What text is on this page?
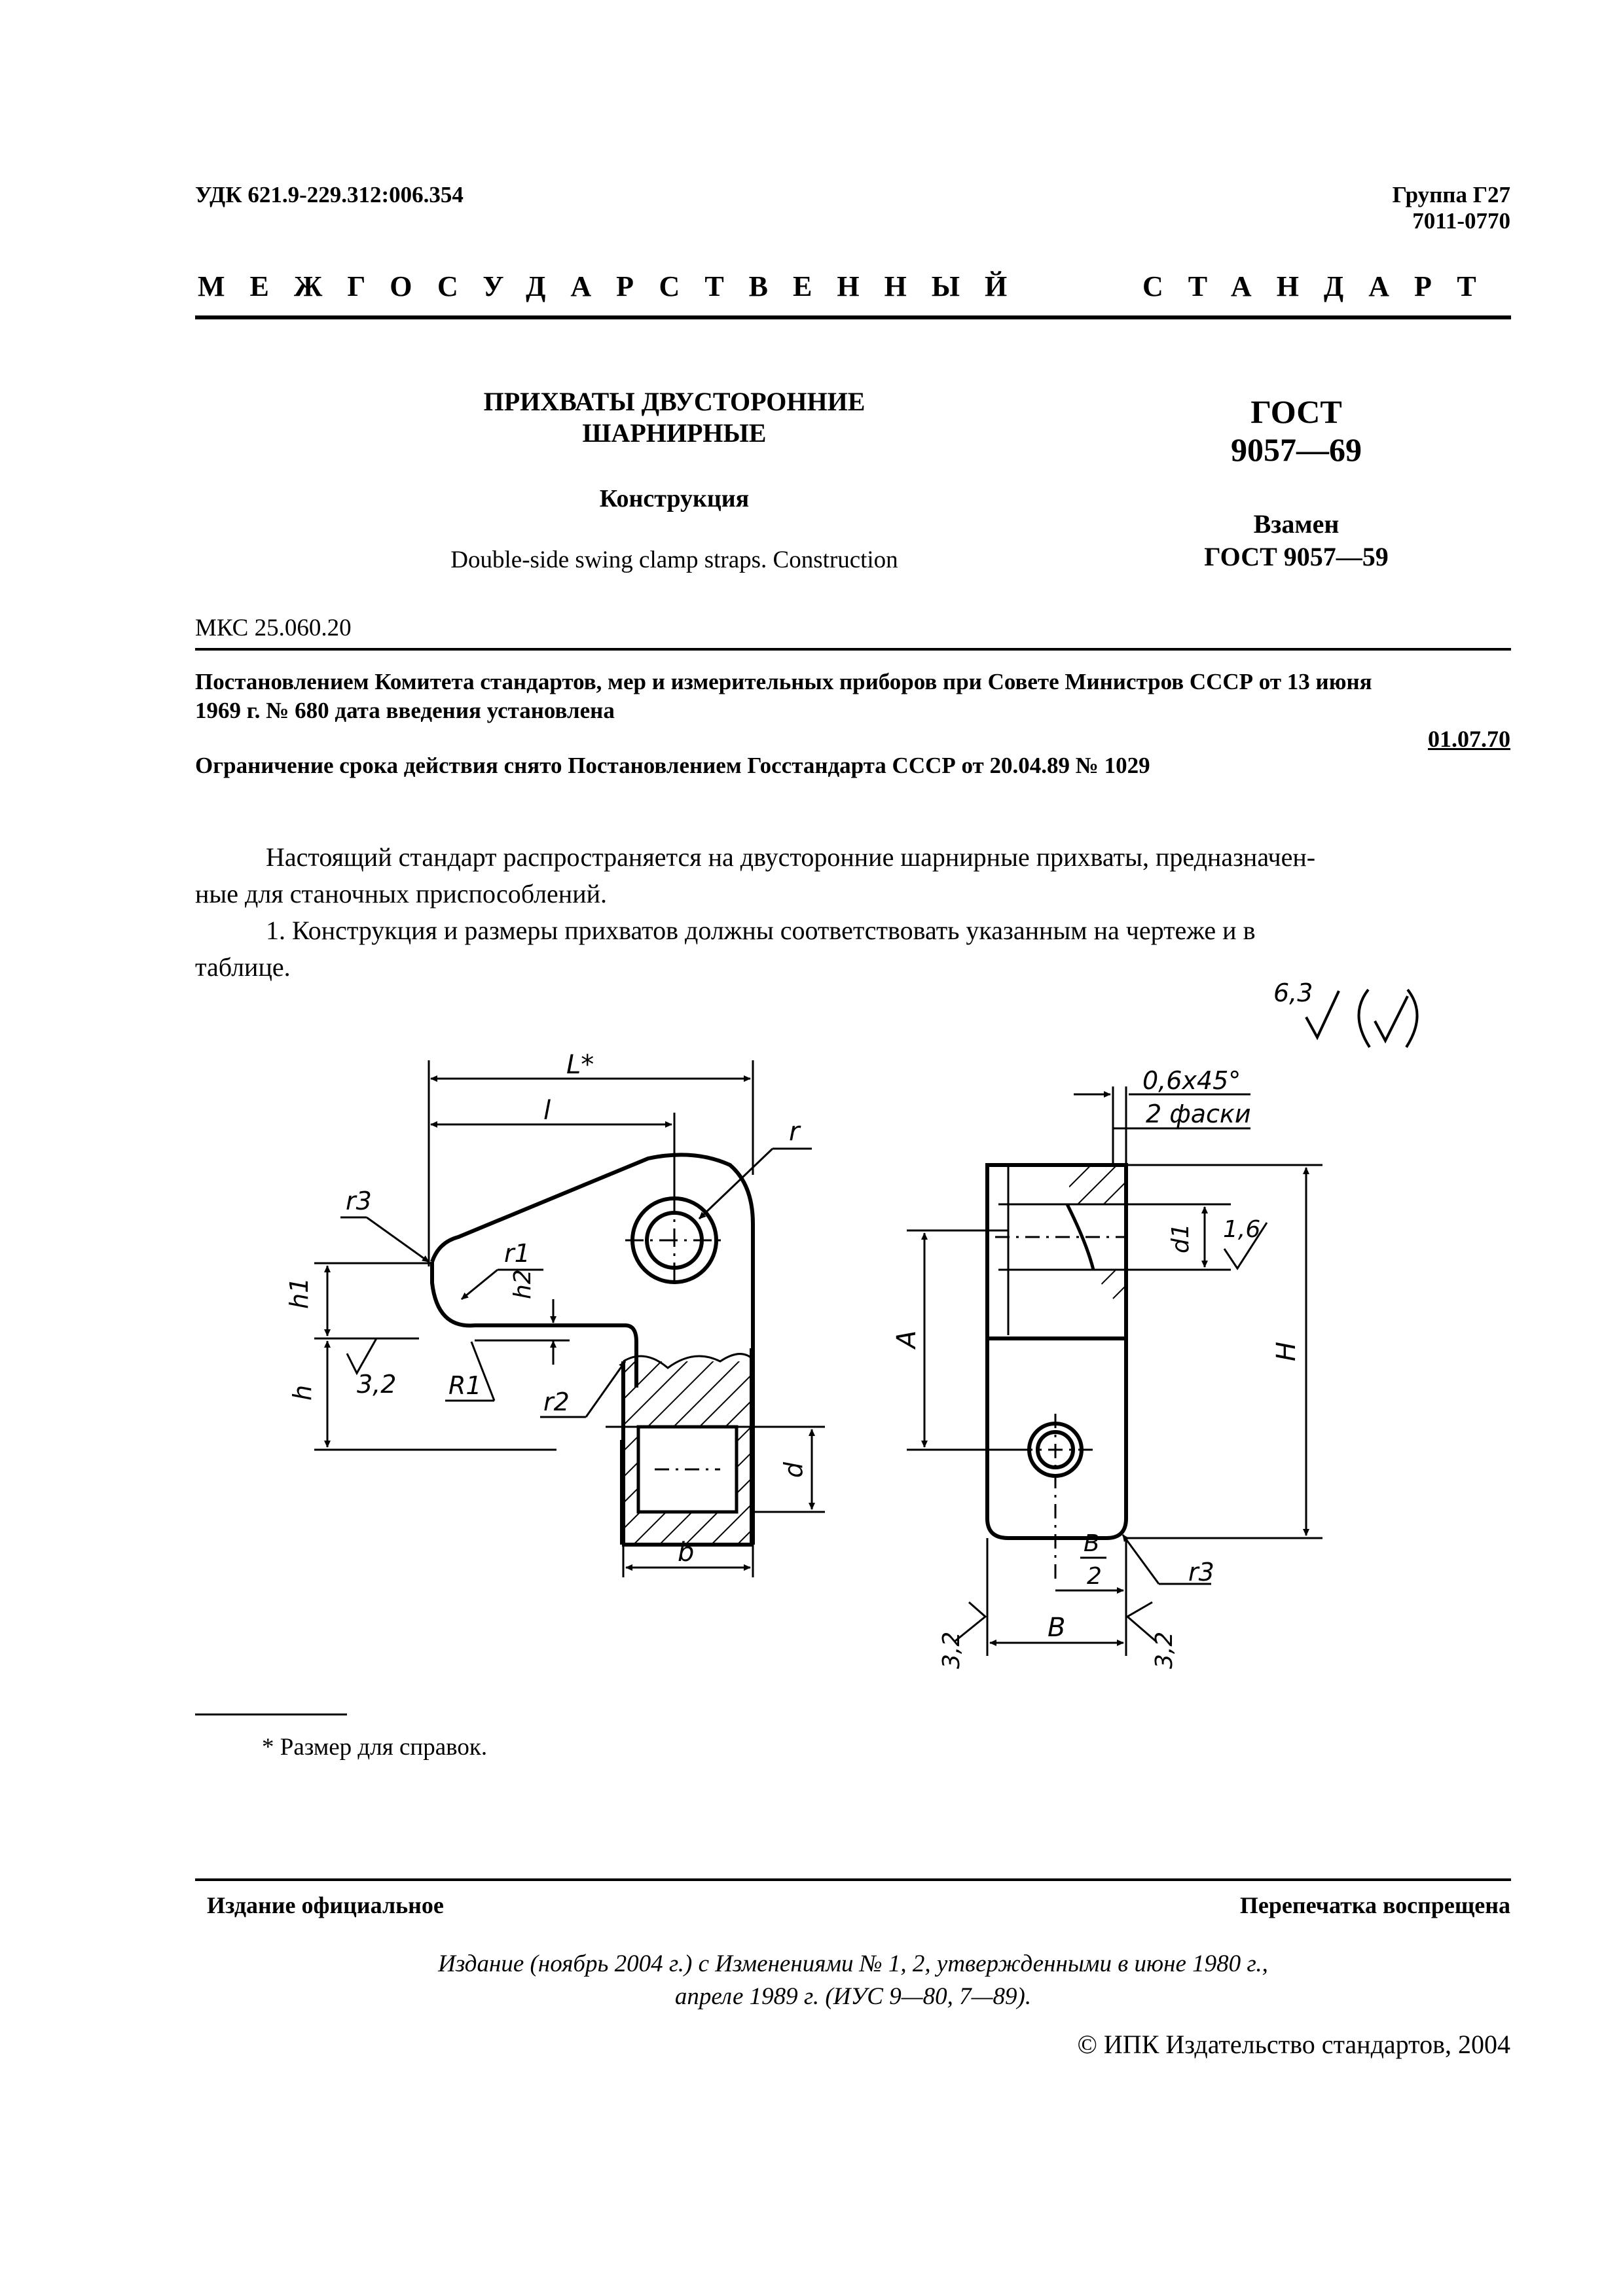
УДК 621.9-229.312:006.354	Группа Г27
7011-0770
МЕЖГОСУДАРСТВЕННЫЙ	СТАНДАРТ
ПРИХВАТЫ ДВУСТОРОННИЕ
ШАРНИРНЫЕ
Конструкция
Double-side swing clamp straps. Construction
ГОСТ
9057—69
Взамен
ГОСТ 9057—59
МКС 25.060.20
Постановлением Комитета стандартов, мер и измерительных приборов при Совете Министров СССР от 13 июня
1969 г. № 680 дата введения установлена
01.07.70
Ограничение срока действия снято Постановлением Госстандарта СССР от 20.04.89 № 1029
Настоящий стандарт распространяется на двусторонние шарнирные прихваты, предназначен-
ные для станочных приспособлений.
1. Конструкция и размеры прихватов должны соответствовать указанным на чертеже и в
таблице.
6,3
L*
l
r
r3
r1
h1
h
h2
3,2 R1
r2
d
b
0,6x45°
2 фаски
d1 1,6
A
H
r3
B
2
B
3,2	3,2
* Размер для справок.
Издание официальное	Перепечатка воспрещена
Издание (ноябрь 2004 г.) с Изменениями № 1, 2, утвержденными в июне 1980 г.,
апреле 1989 г. (ИУС 9—80, 7—89).
© ИПК Издательство стандартов, 2004
